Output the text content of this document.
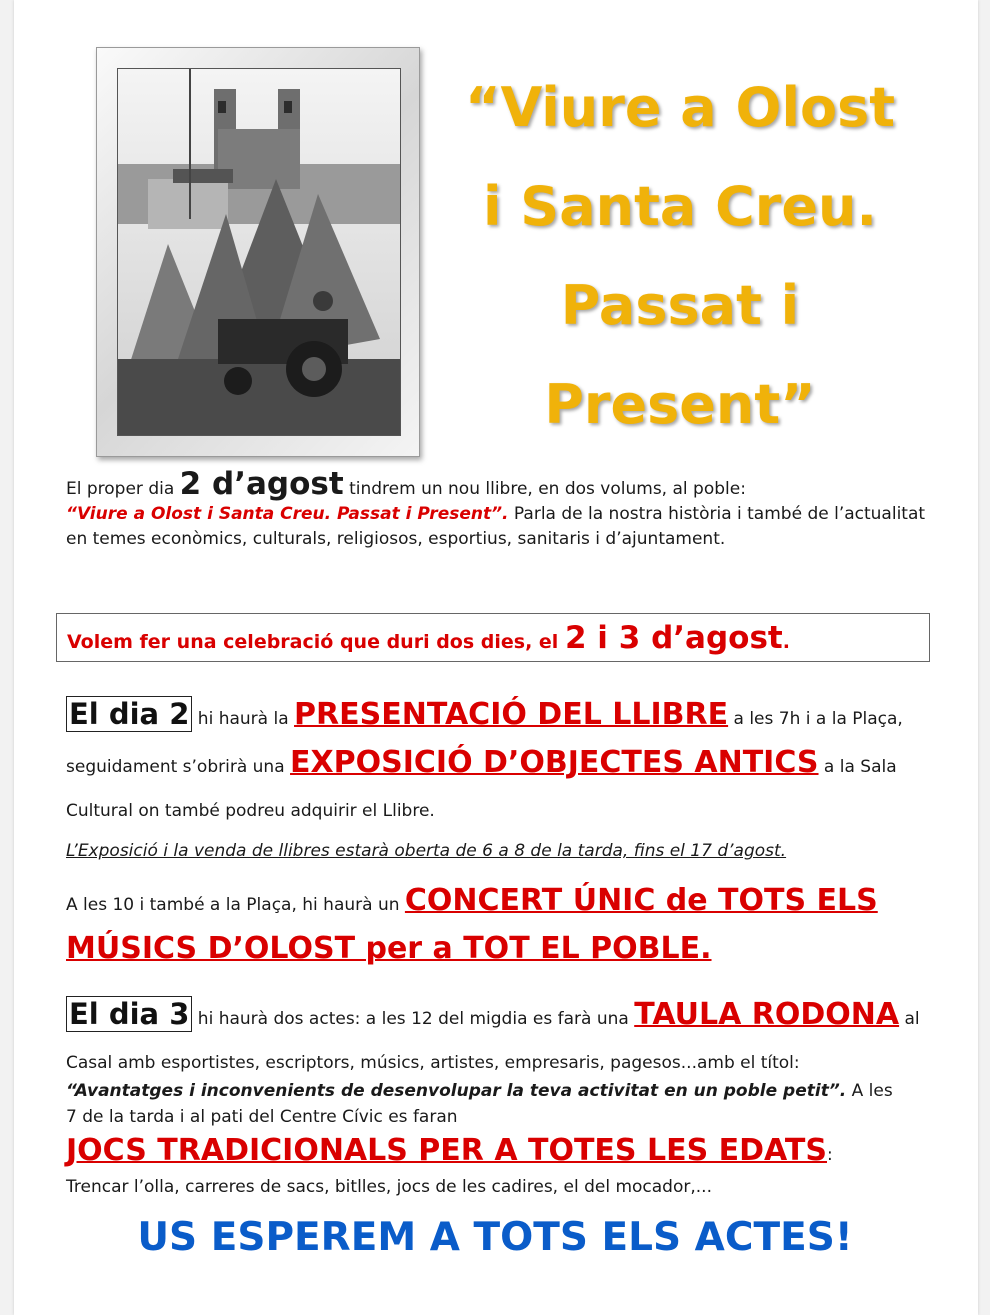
“Viure a Olost
i Santa Creu.
Passat i
Present”
El proper dia 2 d’agost tindrem un nou llibre, en dos volums, al poble:
“Viure a Olost i Santa Creu. Passat i Present”. Parla de la nostra història i també de l’actualitat en temes econòmics, culturals, religiosos, esportius, sanitaris i d’ajuntament.
Volem fer una celebració que duri dos dies, el 2 i 3 d’agost.
El dia 2 hi haurà la PRESENTACIÓ DEL LLIBRE a les 7h i a la Plaça, seguidament s’obrirà una EXPOSICIÓ D’OBJECTES ANTICS a la Sala Cultural on també podreu adquirir el Llibre.
L’Exposició i la venda de llibres estarà oberta de 6 a 8 de la tarda, fins el 17 d’agost.
A les 10 i també a la Plaça, hi haurà un CONCERT ÚNIC de TOTS ELS MÚSICS D’OLOST per a TOT EL POBLE.
El dia 3 hi haurà dos actes: a les 12 del migdia es farà una TAULA RODONA al Casal amb esportistes, escriptors, músics, artistes, empresaris, pagesos...amb el títol:
“Avantatges i inconvenients de desenvolupar la teva activitat en un poble petit”. A les 7 de la tarda i al pati del Centre Cívic es faran
JOCS TRADICIONALS PER A TOTES LES EDATS:
Trencar l’olla, carreres de sacs, bitlles, jocs de les cadires, el del mocador,...
US ESPEREM A TOTS ELS ACTES!
